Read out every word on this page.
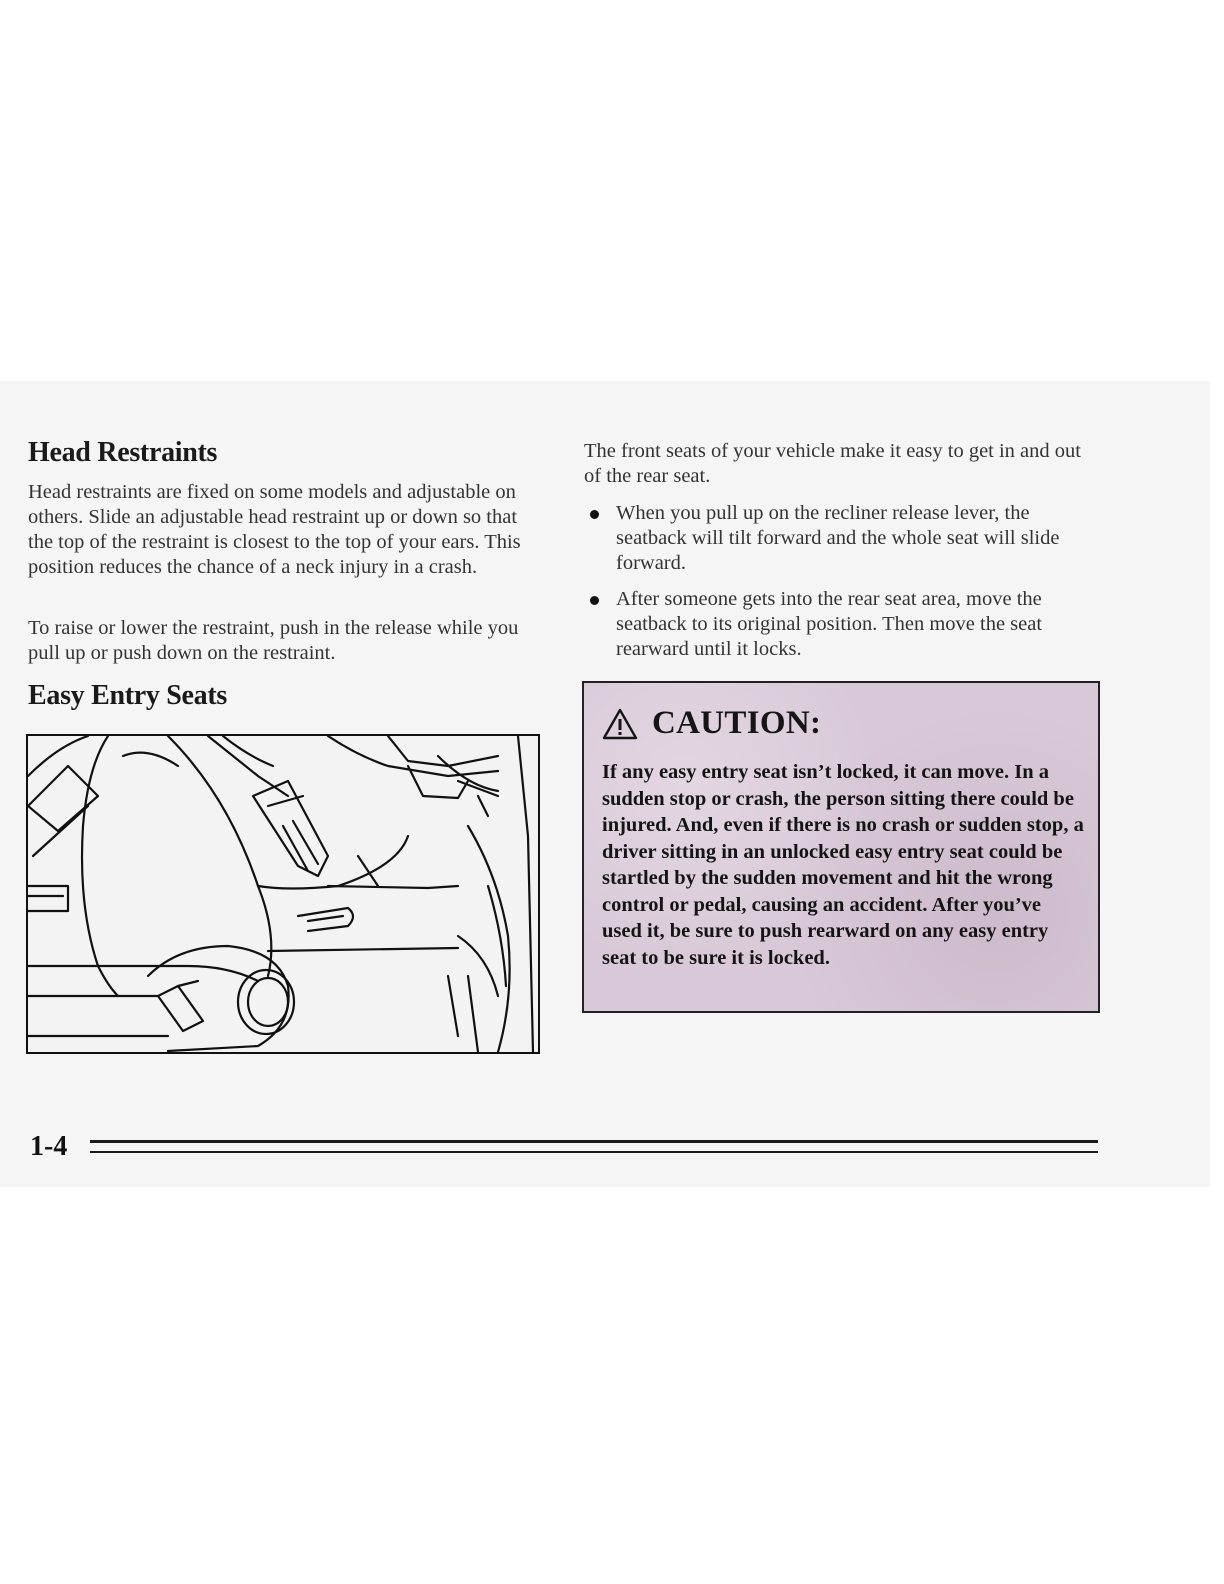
Head Restraints

Head restraints are fixed on some models and adjustable on others. Slide an adjustable head restraint up or down so that the top of the restraint is closest to the top of your ears. This position reduces the chance of a neck injury in a crash.

To raise or lower the restraint, push in the release while you pull up or push down on the restraint.

Easy Entry Seats

The front seats of your vehicle make it easy to get in and out of the rear seat.

When you pull up on the recliner release lever, the seatback will tilt forward and the whole seat will slide forward.
After someone gets into the rear seat area, move the seatback to its original position. Then move the seat rearward until it locks.
CAUTION:

If any easy entry seat isn’t locked, it can move. In a sudden stop or crash, the person sitting there could be injured. And, even if there is no crash or sudden stop, a driver sitting in an unlocked easy entry seat could be startled by the sudden movement and hit the wrong control or pedal, causing an accident. After you’ve used it, be sure to push rearward on any easy entry seat to be sure it is locked.

1-4
